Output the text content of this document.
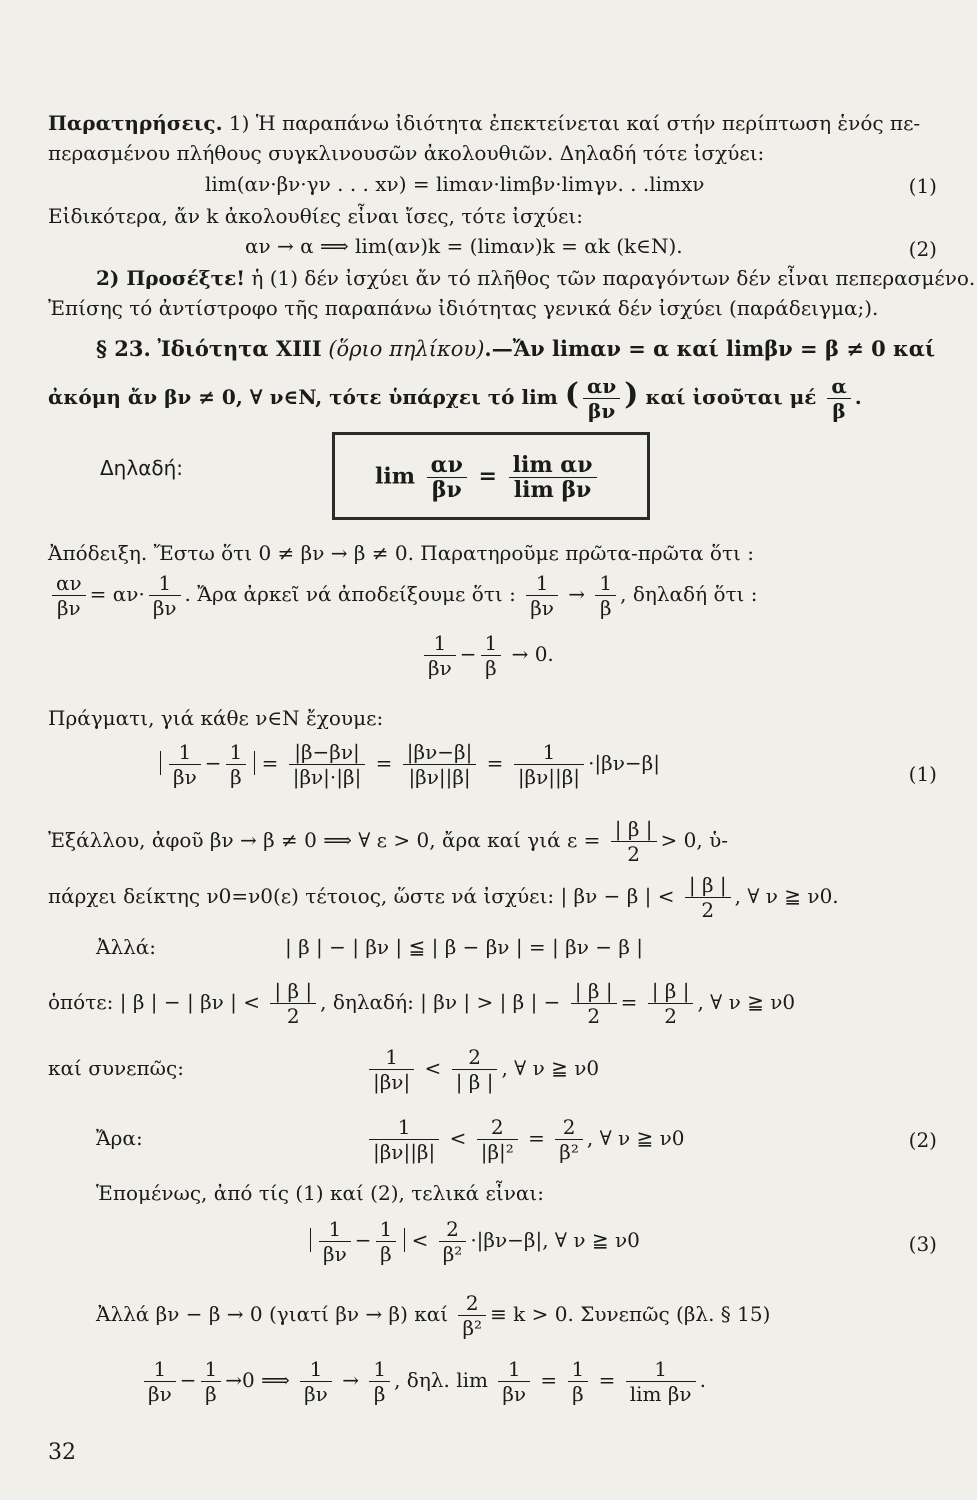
Παρατηρήσεις. 1) Ἡ παραπάνω ἰδιότητα ἐπεκτείνεται καί στήν περίπτωση ἑνός πε-
περασμένου πλήθους συγκλινουσῶν ἀκολουθιῶν. Δηλαδή τότε ἰσχύει:
lim(αν·βν·γν . . . xν) = limαν·limβν·limγν. . .limxν	(1)
Εἰδικότερα, ἄν k ἀκολουθίες εἶναι ἴσες, τότε ἰσχύει:
αν → α ⟹ lim(αν)k = (limαν)k = αk (k∈N).	(2)
2) Προσέξτε! ἡ (1) δέν ἰσχύει ἄν τό πλῆθος τῶν παραγόντων δέν εἶναι πεπερασμένο.
Ἐπίσης τό ἀντίστροφο τῆς παραπάνω ἰδιότητας γενικά δέν ἰσχύει (παράδειγμα;).
§ 23. Ἰδιότητα XIII (ὅριο πηλίκου).—Ἄν limαν = α καί limβν = β ≠ 0 καί
ἀκόμη ἄν βν ≠ 0, ∀ ν∈N, τότε ὑπάρχει τό lim ( $\frac{\alpha\nu}{\beta\nu}$ ) καί ἰσοῦται μέ $\frac{\alpha}{\beta}$ .
Δηλαδή:	$\lim \frac{\alpha\nu}{\beta\nu} = \frac{\text{lim αν}}{\text{lim βν}}$
Ἀπόδειξη. Ἔστω ὅτι 0 ≠ βν → β ≠ 0. Παρατηροῦμε πρῶτα-πρῶτα ὅτι :
$\frac{\alpha\nu}{\beta\nu} = \alpha\nu\cdot \frac{1}{\beta\nu}$ . Ἄρα ἀρκεῖ νά ἀποδείξουμε ὅτι : $\frac{1}{\beta\nu} \to \frac{1}{\beta}$ , δηλαδή ὅτι :
$\frac{1}{\beta\nu} - \frac{1}{\beta} \to 0$.
Πράγματι, γιά κάθε ν∈N ἔχουμε:
$\frac{1}{\beta\nu} - \frac{1}{\beta} = \frac{|\beta-\beta\nu|}{|\beta\nu|\cdot|\beta|} = \frac{|\beta\nu-\beta|}{|\beta\nu||\beta|} = \frac{1}{|\beta\nu||\beta|} \cdot|\beta\nu-\beta|$	(1)
Ἐξάλλου, ἀφοῦ βν → β ≠ 0 ⟹ ∀ ε > 0, ἄρα καί γιά $\varepsilon = \frac{| \beta |}{2} > 0$, ὑ-
πάρχει δείκτης ν0=ν0(ε) τέτοιος, ὥστε νά ἰσχύει: | βν − β | < $\frac{| \beta |}{2}$ , ∀ ν ≧ ν0.
Ἀλλά:	| β | − | βν | ≦ | β − βν | = | βν − β |
ὁπότε: | β | − | βν | < $\frac{| \beta |}{2}$ , δηλαδή: | βν | > | β | − $\frac{| \beta |}{2} = \frac{| \beta |}{2}$ , ∀ ν ≧ ν0
καί συνεπῶς:	$\frac{1}{|\beta\nu|} < \frac{2}{| \beta |}$ , ∀ ν ≧ ν0
Ἄρα:	$\frac{1}{|\beta\nu||\beta|} < \frac{2}{\text{|β|²}} = \frac{2}{\text{β²}}$ , ∀ ν ≧ ν0	(2)
Ἑπομένως, ἀπό τίς (1) καί (2), τελικά εἶναι:
$\frac{1}{\beta\nu} - \frac{1}{\beta} < \frac{2}{\text{β²}} \cdot|\beta\nu-\beta|$, ∀ ν ≧ ν0	(3)
Ἀλλά βν − β → 0 (γιατί βν → β) καί $\frac{2}{\text{β²}} \equiv k > 0$. Συνεπῶς (βλ. § 15)
$\frac{1}{\beta\nu} - \frac{1}{\beta} \to 0$ ⟹ $\frac{1}{\beta\nu} \to \frac{1}{\beta}$ , δηλ. $\lim \frac{1}{\beta\nu} = \frac{1}{\beta} = \frac{1}{\text{lim βν}}$ .
32
